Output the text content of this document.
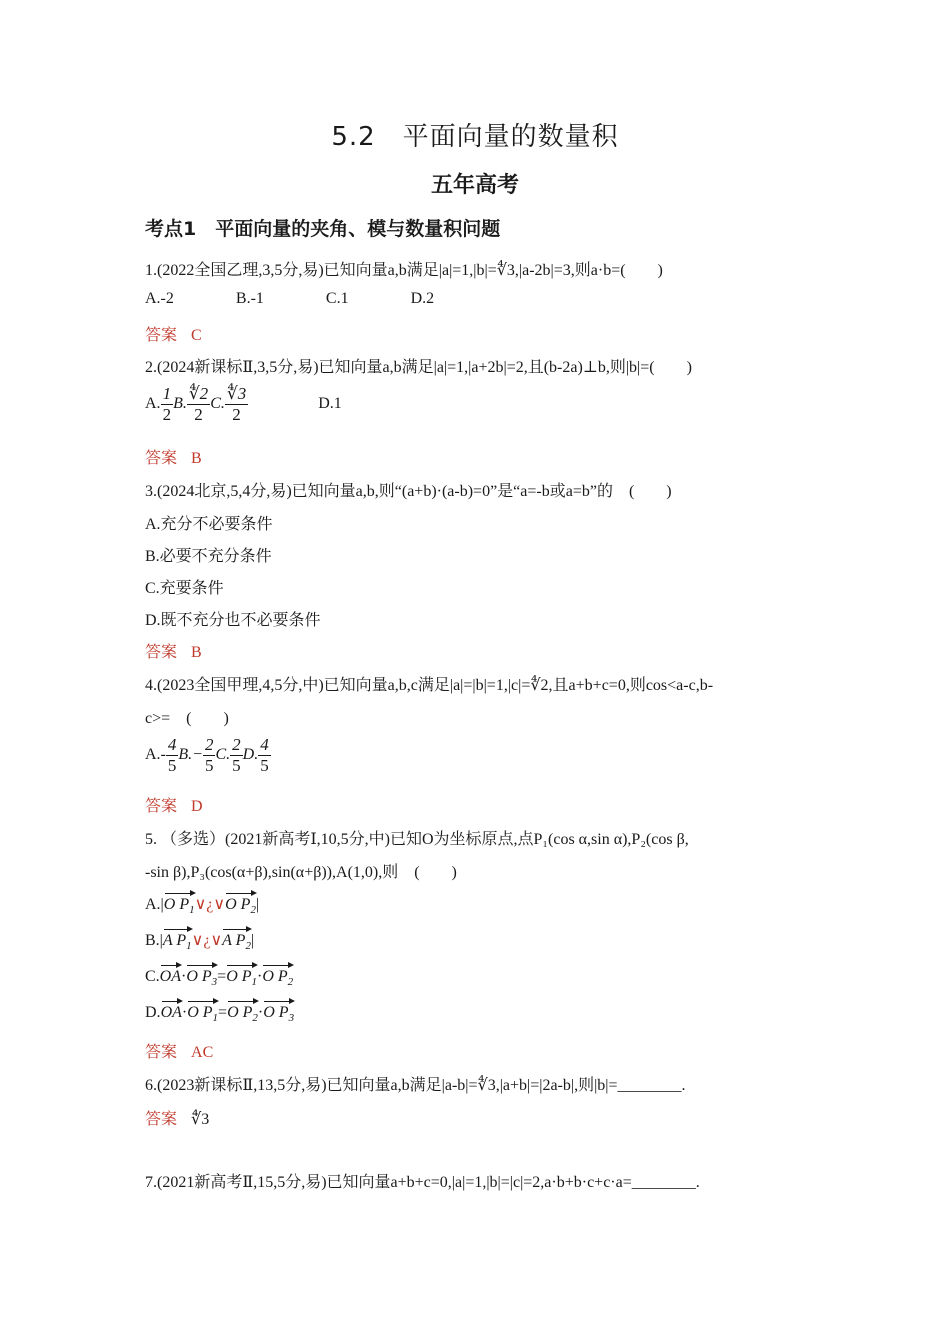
5.2　平面向量的数量积
五年高考
考点1　平面向量的夹角、模与数量积问题
1.(2022全国乙理,3,5分,易)已知向量a,b满足|a|=1,|b|=∜3,|a-2b|=3,则a·b=(　　)
A.-2	B.-1	C.1	D.2
答案 C
2.(2024新课标Ⅱ,3,5分,易)已知向量a,b满足|a|=1,|a+2b|=2,且(b-2a)⊥b,则|b|=(　　)
A. $\frac{1}{2} B$. $\frac{∜2}{2} C$. $\frac{∜3}{2}$	D.1
答案 B
3.(2024北京,5,4分,易)已知向量a,b,则“(a+b)·(a-b)=0”是“a=-b或a=b”的　(　　)
A.充分不必要条件
B.必要不充分条件
C.充要条件
D.既不充分也不必要条件
答案 B
4.(2023全国甲理,4,5分,中)已知向量a,b,c满足|a|=|b|=1,|c|=∜2,且a+b+c=0,则cos<a-c,b-
c>=　(　　)
$A.- \frac{4}{5} B.- \frac{2}{5} C$. $\frac{2}{5} D$. $\frac{4}{5}$
答案 D
5. （多选）(2021新高考Ⅰ,10,5分,中)已知O为坐标原点,点P₁(cos α,sin α),P₂(cos β,
-sin β),P₃(cos(α+β),sin(α+β)),A(1,0),则　(　　)
A.|O $P_1\vee¿\vee O$ $P_2|$
B.|A $P_1\vee¿\vee A$ $P_2|$
C.OA·O $P_3=O$ $P_1\cdot O$ $P_2$
D.OA·O $P_1=O$ $P_2\cdot O$ $P_3$
答案 AC
6.(2023新课标Ⅱ,13,5分,易)已知向量a,b满足|a-b|=∜3,|a+b|=|2a-b|,则|b|=________.
答案 ∜3
7.(2021新高考Ⅱ,15,5分,易)已知向量a+b+c=0,|a|=1,|b|=|c|=2,a·b+b·c+c·a=________.
